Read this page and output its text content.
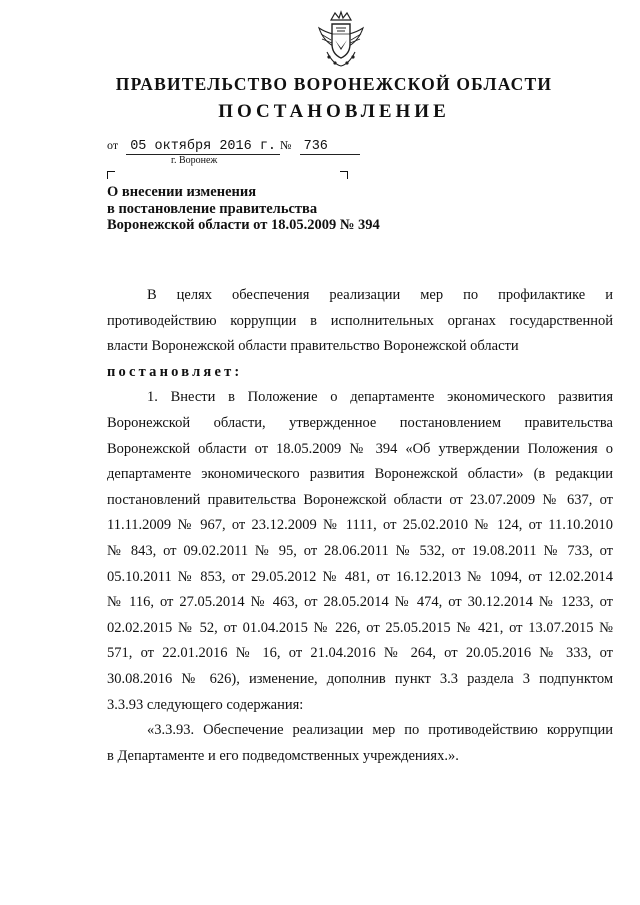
ПРАВИТЕЛЬСТВО ВОРОНЕЖСКОЙ ОБЛАСТИ
ПОСТАНОВЛЕНИЕ
от 05 октября 2016 г. № 736
г. Воронеж
О внесении изменения
в постановление правительства
Воронежской области от 18.05.2009 № 394

В целях обеспечения реализации мер по профилактике и
противодействию коррупции в исполнительных органах государственной
власти Воронежской области правительство Воронежской области

постановляет:

1. Внести в Положение о департаменте экономического развития
Воронежской области, утвержденное постановлением правительства
Воронежской области от 18.05.2009 № 394 «Об утверждении Положения о
департаменте экономического развития Воронежской области» (в редакции
постановлений правительства Воронежской области от 23.07.2009 № 637, от
11.11.2009 № 967, от 23.12.2009 № 1111, от 25.02.2010 № 124, от 11.10.2010
№ 843, от 09.02.2011 № 95, от 28.06.2011 № 532, от 19.08.2011 № 733, от
05.10.2011 № 853, от 29.05.2012 № 481, от 16.12.2013 № 1094, от 12.02.2014
№ 116, от 27.05.2014 № 463, от 28.05.2014 № 474, от 30.12.2014 № 1233, от
02.02.2015 № 52, от 01.04.2015 № 226, от 25.05.2015 № 421, от 13.07.2015 №
571, от 22.01.2016 № 16, от 21.04.2016 № 264, от 20.05.2016 № 333, от
30.08.2016 № 626), изменение, дополнив пункт 3.3 раздела 3 подпунктом
3.3.93 следующего содержания:

«3.3.93. Обеспечение реализации мер по противодействию коррупции
в Департаменте и его подведомственных учреждениях.».
